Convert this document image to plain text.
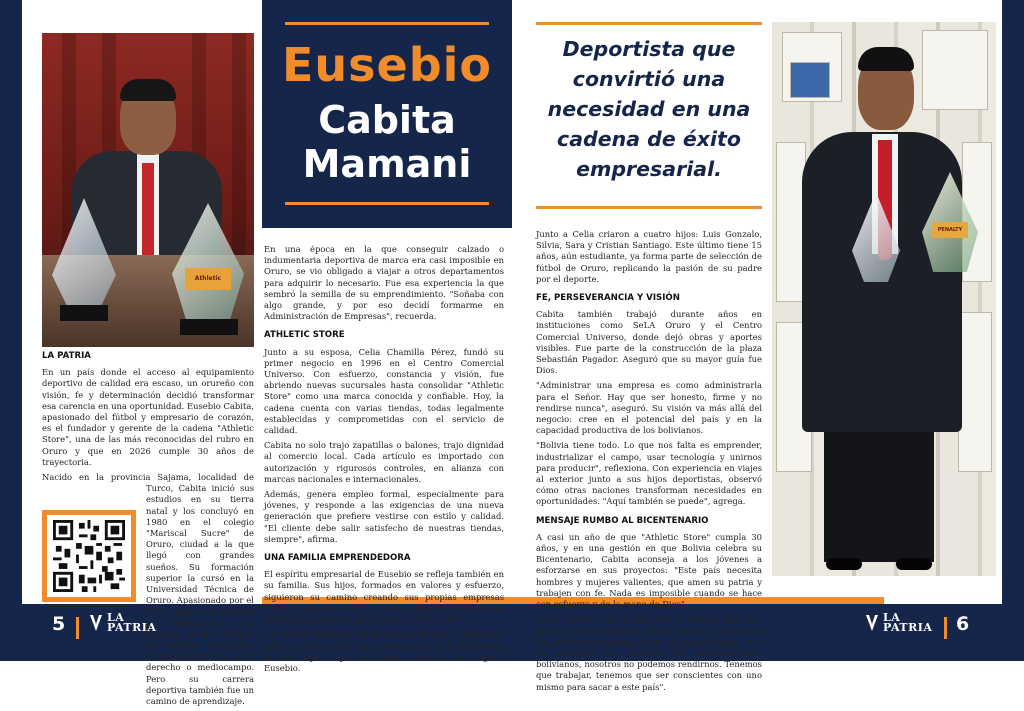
Athletic
PENALTY
Eusebio
Cabita
Mamani
Deportista que convirtió una necesidad en una cadena de éxito empresarial.
LA PATRIA

En un país donde el acceso al equipamiento deportivo de calidad era escaso, un orureño con visión, fe y determinación decidió transformar esa carencia en una oportunidad. Eusebio Cabita, apasionado del fútbol y empresario de corazón, es el fundador y gerente de la cadena "Athletic Store", una de las más reconocidas del rubro en Oruro y que en 2026 cumple 30 años de trayectoria.

Nacido en la provincia Sajama, localidad de Turco, Cabita inició sus estudios en su tierra natal y los concluyó en 1980 en el colegio "Mariscal Sucre" de Oruro, ciudad a la que llegó con grandes sueños. Su formación superior la cursó en la Universidad Técnica de Oruro. Apasionado por el fútbol desde los 14 años y "stronguista" de corazón, integró equipos en distintas categorías, siempre como marcador derecho o mediocampo. Pero su carrera deportiva también fue un camino de aprendizaje.

En una época en la que conseguir calzado o indumentaria deportiva de marca era casi imposible en Oruro, se vio obligado a viajar a otros departamentos para adquirir lo necesario. Fue esa experiencia la que sembró la semilla de su emprendimiento. "Soñaba con algo grande, y por eso decidí formarme en Administración de Empresas", recuerda.

ATHLETIC STORE

Junto a su esposa, Celia Chamilla Pérez, fundó su primer negocio en 1996 en el Centro Comercial Universo. Con esfuerzo, constancia y visión, fue abriendo nuevas sucursales hasta consolidar "Athletic Store" como una marca conocida y confiable. Hoy, la cadena cuenta con varias tiendas, todas legalmente establecidas y comprometidas con el servicio de calidad.

Cabita no solo trajo zapatillas o balones, trajo dignidad al comercio local. Cada artículo es importado con autorización y rigurosos controles, en alianza con marcas nacionales e internacionales.

Además, genera empleo formal, especialmente para jóvenes, y responde a las exigencias de una nueva generación que prefiere vestirse con estilo y calidad. "El cliente debe salir satisfecho de nuestras tiendas, siempre", afirma.

UNA FAMILIA EMPRENDEDORA

El espíritu empresarial de Eusebio se refleja también en su familia. Sus hijos, formados en valores y esfuerzo, siguieron su camino creando sus propias empresas como "Comfort Sport", "Zona Infantil", entre otras tiendas relacionadas al rubro de "Athletic Store".

"Mi mayor prioridad fue mi familia. Rechacé ofertas del exterior para quedarme y acompañar en la formación de mis hijos, aquí en Bolivia", cuenta con orgullo Eusebio.

Junto a Celia criaron a cuatro hijos: Luis Gonzalo, Silvia, Sara y Cristian Santiago. Este último tiene 15 años, aún estudiante, ya forma parte de selección de fútbol de Oruro, replicando la pasión de su padre por el deporte.

FE, PERSEVERANCIA Y VISIÓN

Cabita también trabajó durante años en instituciones como SeLA Oruro y el Centro Comercial Universo, donde dejó obras y aportes visibles. Fue parte de la construcción de la plaza Sebastián Pagador. Aseguró que su mayor guía fue Dios.

"Administrar una empresa es como administrarla para el Señor. Hay que ser honesto, firme y no rendirse nunca", aseguró. Su visión va más allá del negocio: cree en el potencial del país y en la capacidad productiva de los bolivianos.

"Bolivia tiene todo. Lo que nos falta es emprender, industrializar el campo, usar tecnología y unirnos para producir", reflexiona. Con experiencia en viajes al exterior junto a sus hijos deportistas, observó cómo otras naciones transforman necesidades en oportunidades. "Aquí también se puede", agrega.

MENSAJE RUMBO AL BICENTENARIO

A casi un año de que "Athletic Store" cumpla 30 años, y en una gestión en que Bolivia celebra su Bicentenario, Cabita aconseja a los jóvenes a esforzarse en sus proyectos: "Este país necesita hombres y mujeres valientes, que amen su patria y trabajen con fe. Nada es imposible cuando se hace con esfuerzo y de la mano de Dios".

En el contexto actual que vive el Estado, marcado por la crisis económica, Cabita sostiene que todos los bolivianos podemos sacar al país adelante, solo es cuestión de ponerse de acuerdo:"Como bolivianos, nosotros no podemos rendirnos. Tenemos que trabajar, tenemos que ser conscientes con uno mismo para sacar a este país".

5	LA
PATRIA
LA
PATRIA 6
